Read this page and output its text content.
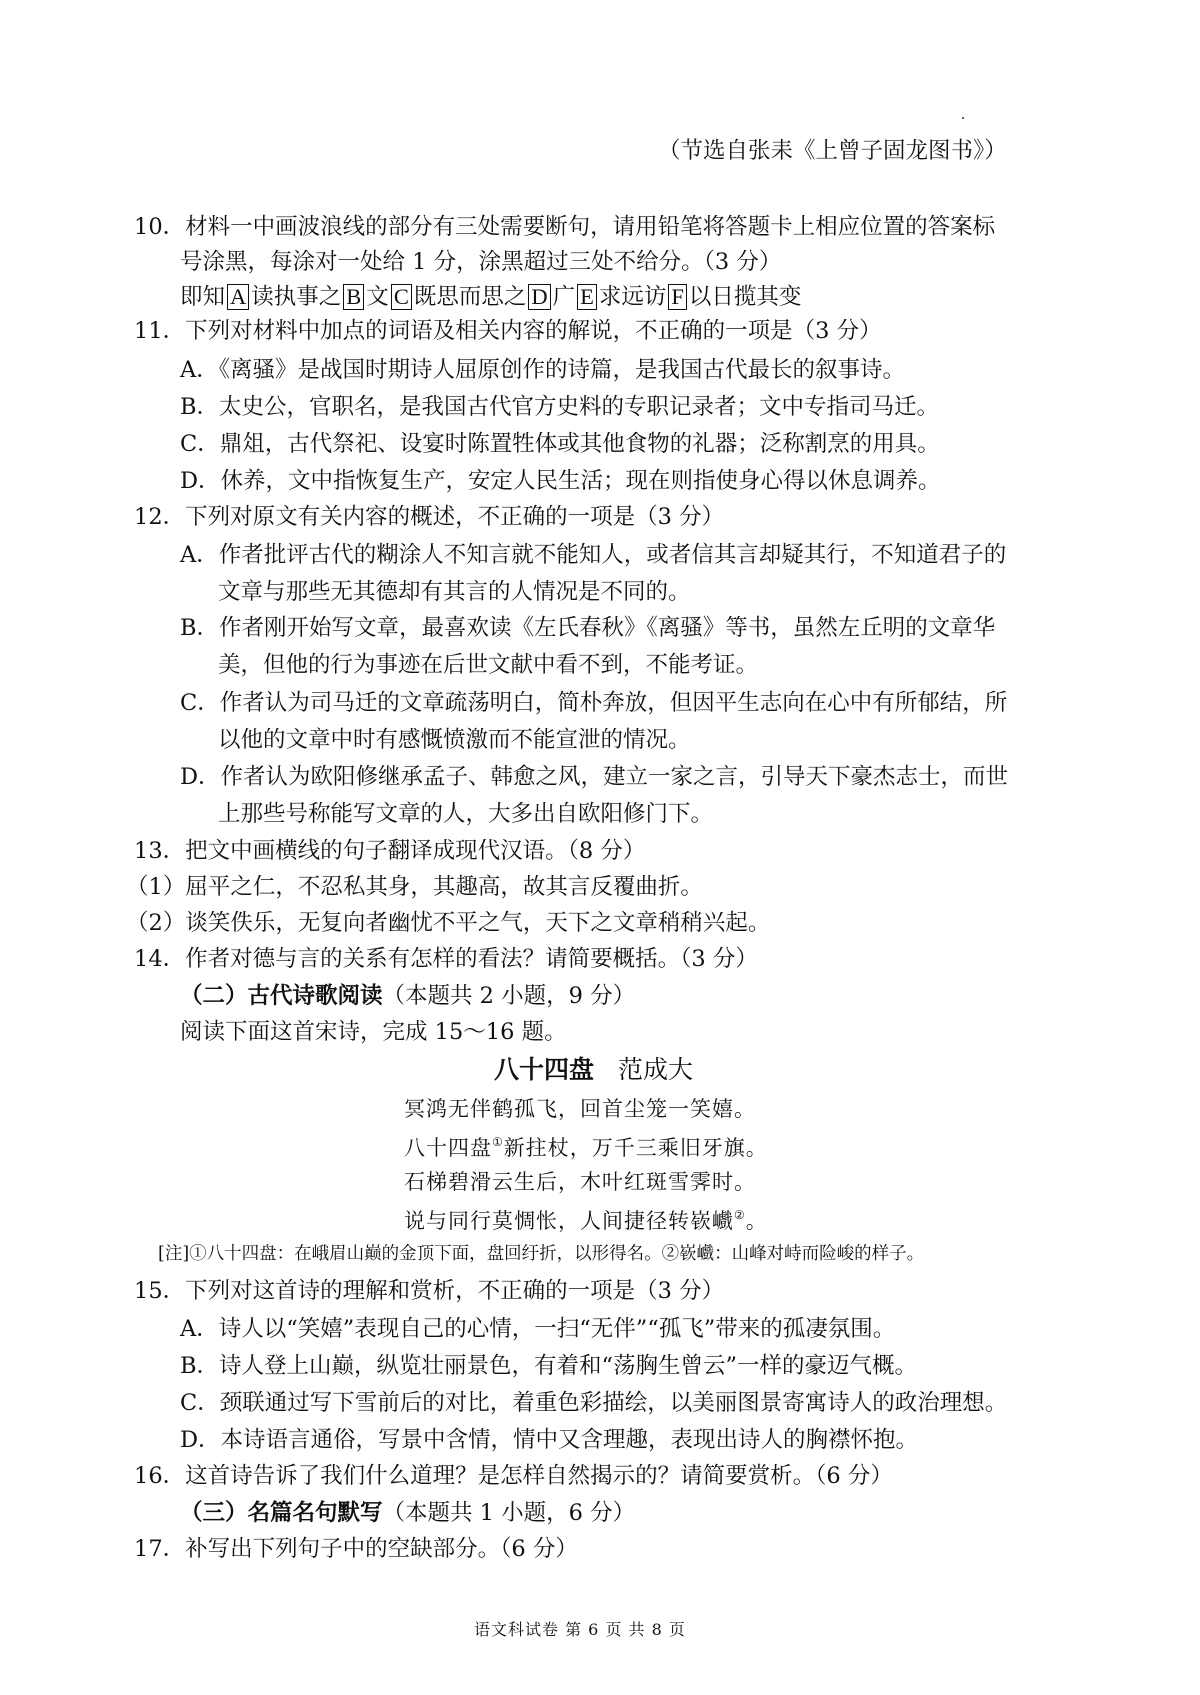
（节选自张耒《上曾子固龙图书》）
10．材料一中画波浪线的部分有三处需要断句，请用铅笔将答题卡上相应位置的答案标
号涂黑，每涂对一处给 1 分，涂黑超过三处不给分。（3 分）
即知 A 读执事之 B 文 C 既思而思之 D 广 E 求远访 F 以日揽其变
11．下列对材料中加点的词语及相关内容的解说，不正确的一项是（3 分）
A．《离骚》是战国时期诗人屈原创作的诗篇，是我国古代最长的叙事诗。
B．太史公，官职名，是我国古代官方史料的专职记录者；文中专指司马迁。
C．鼎俎，古代祭祀、设宴时陈置牲体或其他食物的礼器；泛称割烹的用具。
D．休养，文中指恢复生产，安定人民生活；现在则指使身心得以休息调养。
12．下列对原文有关内容的概述，不正确的一项是（3 分）
A．作者批评古代的糊涂人不知言就不能知人，或者信其言却疑其行，不知道君子的
文章与那些无其德却有其言的人情况是不同的。
B．作者刚开始写文章，最喜欢读《左氏春秋》《离骚》等书，虽然左丘明的文章华
美，但他的行为事迹在后世文献中看不到，不能考证。
C．作者认为司马迁的文章疏荡明白，简朴奔放，但因平生志向在心中有所郁结，所
以他的文章中时有感慨愤激而不能宣泄的情况。
D．作者认为欧阳修继承孟子、韩愈之风，建立一家之言，引导天下豪杰志士，而世
上那些号称能写文章的人，大多出自欧阳修门下。
13．把文中画横线的句子翻译成现代汉语。（8 分）
（1）屈平之仁，不忍私其身，其趣高，故其言反覆曲折。
（2）谈笑佚乐，无复向者幽忧不平之气，天下之文章稍稍兴起。
14．作者对德与言的关系有怎样的看法？请简要概括。（3 分）
（二）古代诗歌阅读（本题共 2 小题，9 分）
阅读下面这首宋诗，完成 15～16 题。
八十四盘 范成大
冥鸿无伴鹤孤飞，回首尘笼一笑嬉。
八十四盘①新拄杖，万千三乘旧牙旗。
石梯碧滑云生后，木叶红斑雪霁时。
说与同行莫惆怅，人间捷径转嵚巇②。
[注]①八十四盘：在峨眉山巅的金顶下面，盘回纡折，以形得名。②嵚巇：山峰对峙而险峻的样子。
15．下列对这首诗的理解和赏析，不正确的一项是（3 分）
A．诗人以“笑嬉”表现自己的心情，一扫“无伴”“孤飞”带来的孤凄氛围。
B．诗人登上山巅，纵览壮丽景色，有着和“荡胸生曾云”一样的豪迈气概。
C．颈联通过写下雪前后的对比，着重色彩描绘，以美丽图景寄寓诗人的政治理想。
D．本诗语言通俗，写景中含情，情中又含理趣，表现出诗人的胸襟怀抱。
16．这首诗告诉了我们什么道理？是怎样自然揭示的？请简要赏析。（6 分）
（三）名篇名句默写（本题共 1 小题，6 分）
17．补写出下列句子中的空缺部分。（6 分）
语文科试卷 第 6 页 共 8 页
